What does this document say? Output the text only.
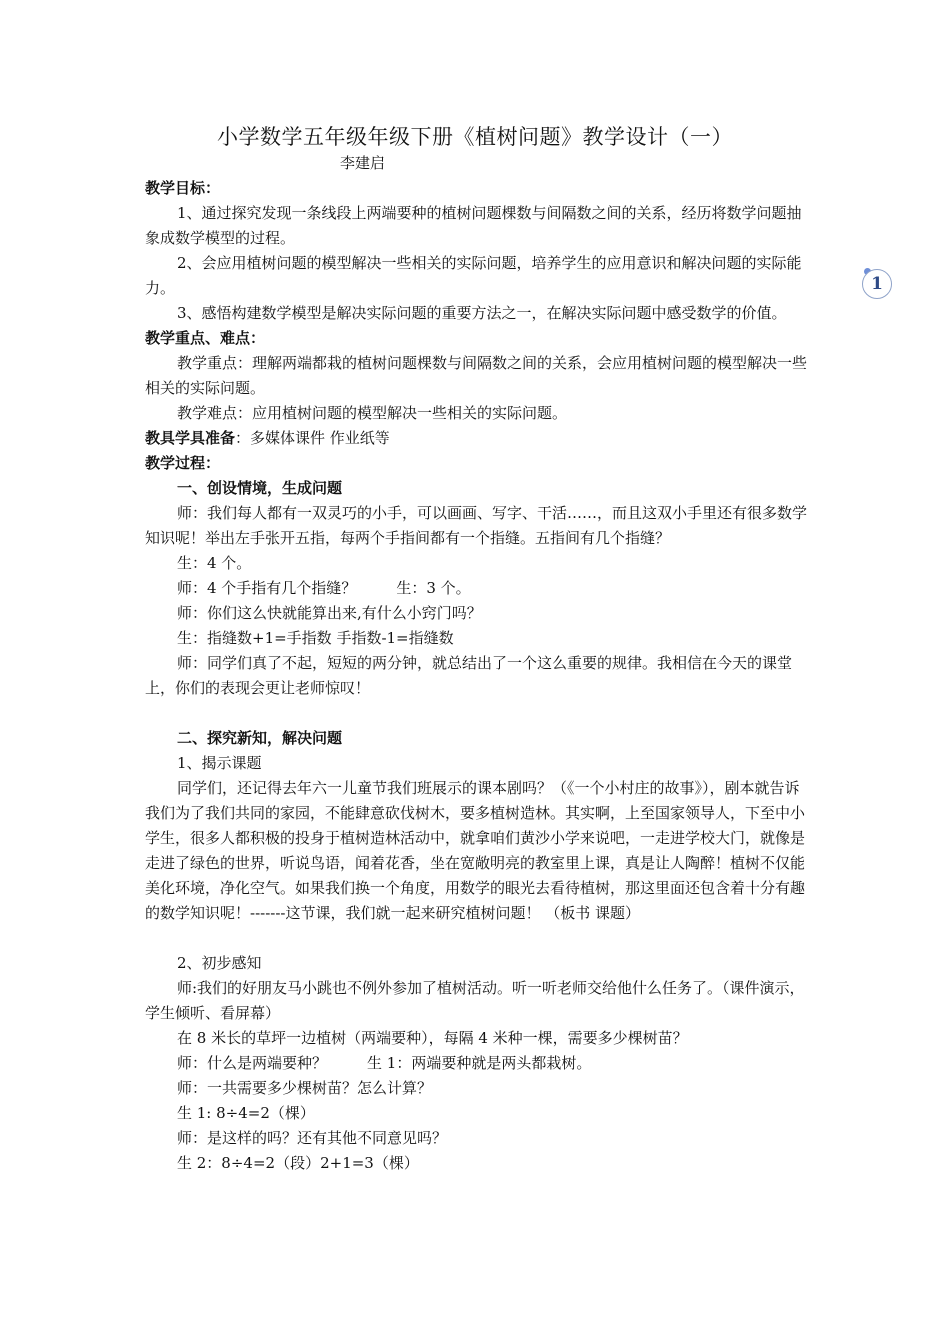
小学数学五年级年级下册《植树问题》教学设计（一）
李建启
1

教学目标：

1、通过探究发现一条线段上两端要种的植树问题棵数与间隔数之间的关系，经历将数学问题抽象成数学模型的过程。

2、会应用植树问题的模型解决一些相关的实际问题，培养学生的应用意识和解决问题的实际能力。

3、感悟构建数学模型是解决实际问题的重要方法之一，在解决实际问题中感受数学的价值。

教学重点、难点：

教学重点：理解两端都栽的植树问题棵数与间隔数之间的关系，会应用植树问题的模型解决一些相关的实际问题。

教学难点：应用植树问题的模型解决一些相关的实际问题。

教具学具准备：多媒体课件 作业纸等

教学过程：

一、创设情境，生成问题

师：我们每人都有一双灵巧的小手，可以画画、写字、干活……，而且这双小手里还有很多数学知识呢！举出左手张开五指，每两个手指间都有一个指缝。五指间有几个指缝？

生：4 个。

师：4 个手指有几个指缝？	生：3 个。

师：你们这么快就能算出来,有什么小窍门吗？

生：指缝数+1=手指数 手指数-1=指缝数

师：同学们真了不起，短短的两分钟，就总结出了一个这么重要的规律。我相信在今天的课堂上，你们的表现会更让老师惊叹！

二、探究新知，解决问题

1、揭示课题

同学们，还记得去年六一儿童节我们班展示的课本剧吗？（《一个小村庄的故事》），剧本就告诉我们为了我们共同的家园，不能肆意砍伐树木，要多植树造林。其实啊，上至国家领导人，下至中小学生，很多人都积极的投身于植树造林活动中，就拿咱们黄沙小学来说吧，一走进学校大门，就像是走进了绿色的世界，听说鸟语，闻着花香，坐在宽敞明亮的教室里上课，真是让人陶醉！植树不仅能美化环境，净化空气。如果我们换一个角度，用数学的眼光去看待植树，那这里面还包含着十分有趣的数学知识呢！-------这节课，我们就一起来研究植树问题！ （板书 课题）

2、初步感知

师:我们的好朋友马小跳也不例外参加了植树活动。听一听老师交给他什么任务了。（课件演示，学生倾听、看屏幕）

在 8 米长的草坪一边植树（两端要种），每隔 4 米种一棵，需要多少棵树苗？

师：什么是两端要种？	生 1：两端要种就是两头都栽树。

师：一共需要多少棵树苗？怎么计算？

生 1: 8÷4=2（棵）

师：是这样的吗？还有其他不同意见吗？

生 2：8÷4=2（段）2+1=3（棵）
